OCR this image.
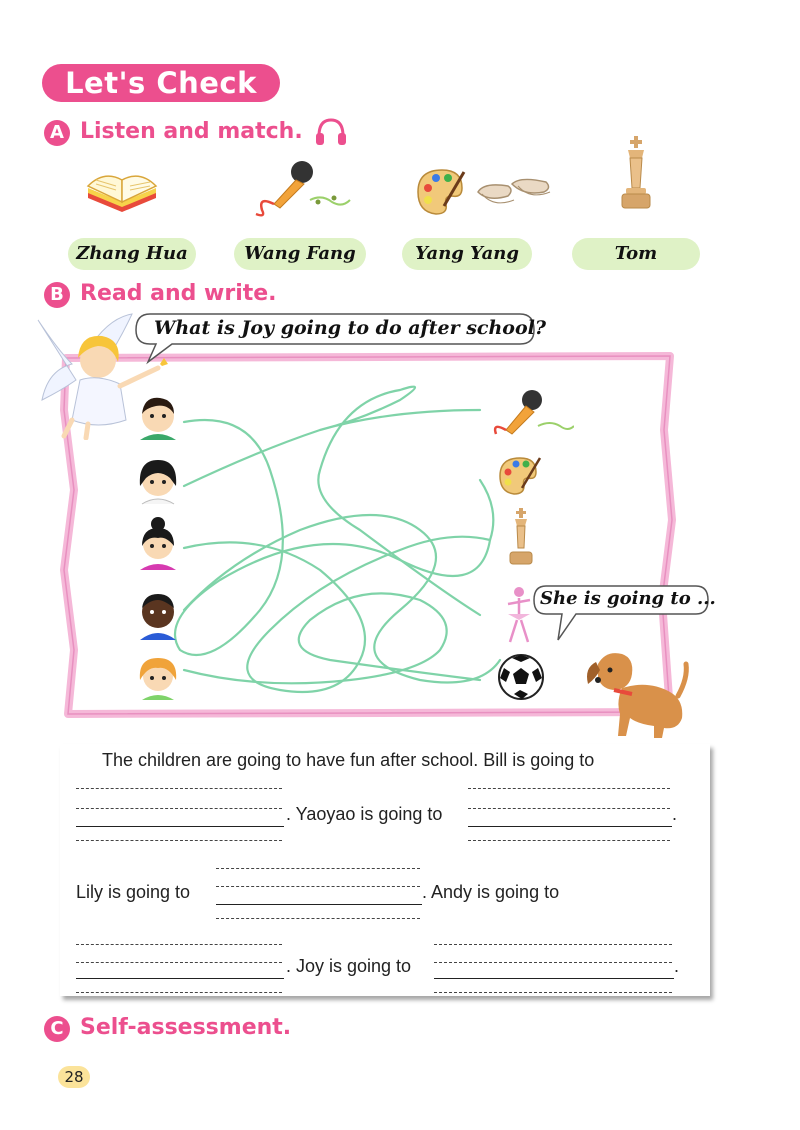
Let's Check
A Listen and match.
Zhang Hua	Wang Fang	Yang Yang	Tom
B Read and write.
What is Joy going to do after school?
She is going to ...
The children are going to have fun after school. Bill is going to
. Yaoyao is going to	.
Lily is going to	. Andy is going to
. Joy is going to	.
C Self-assessment.
28
